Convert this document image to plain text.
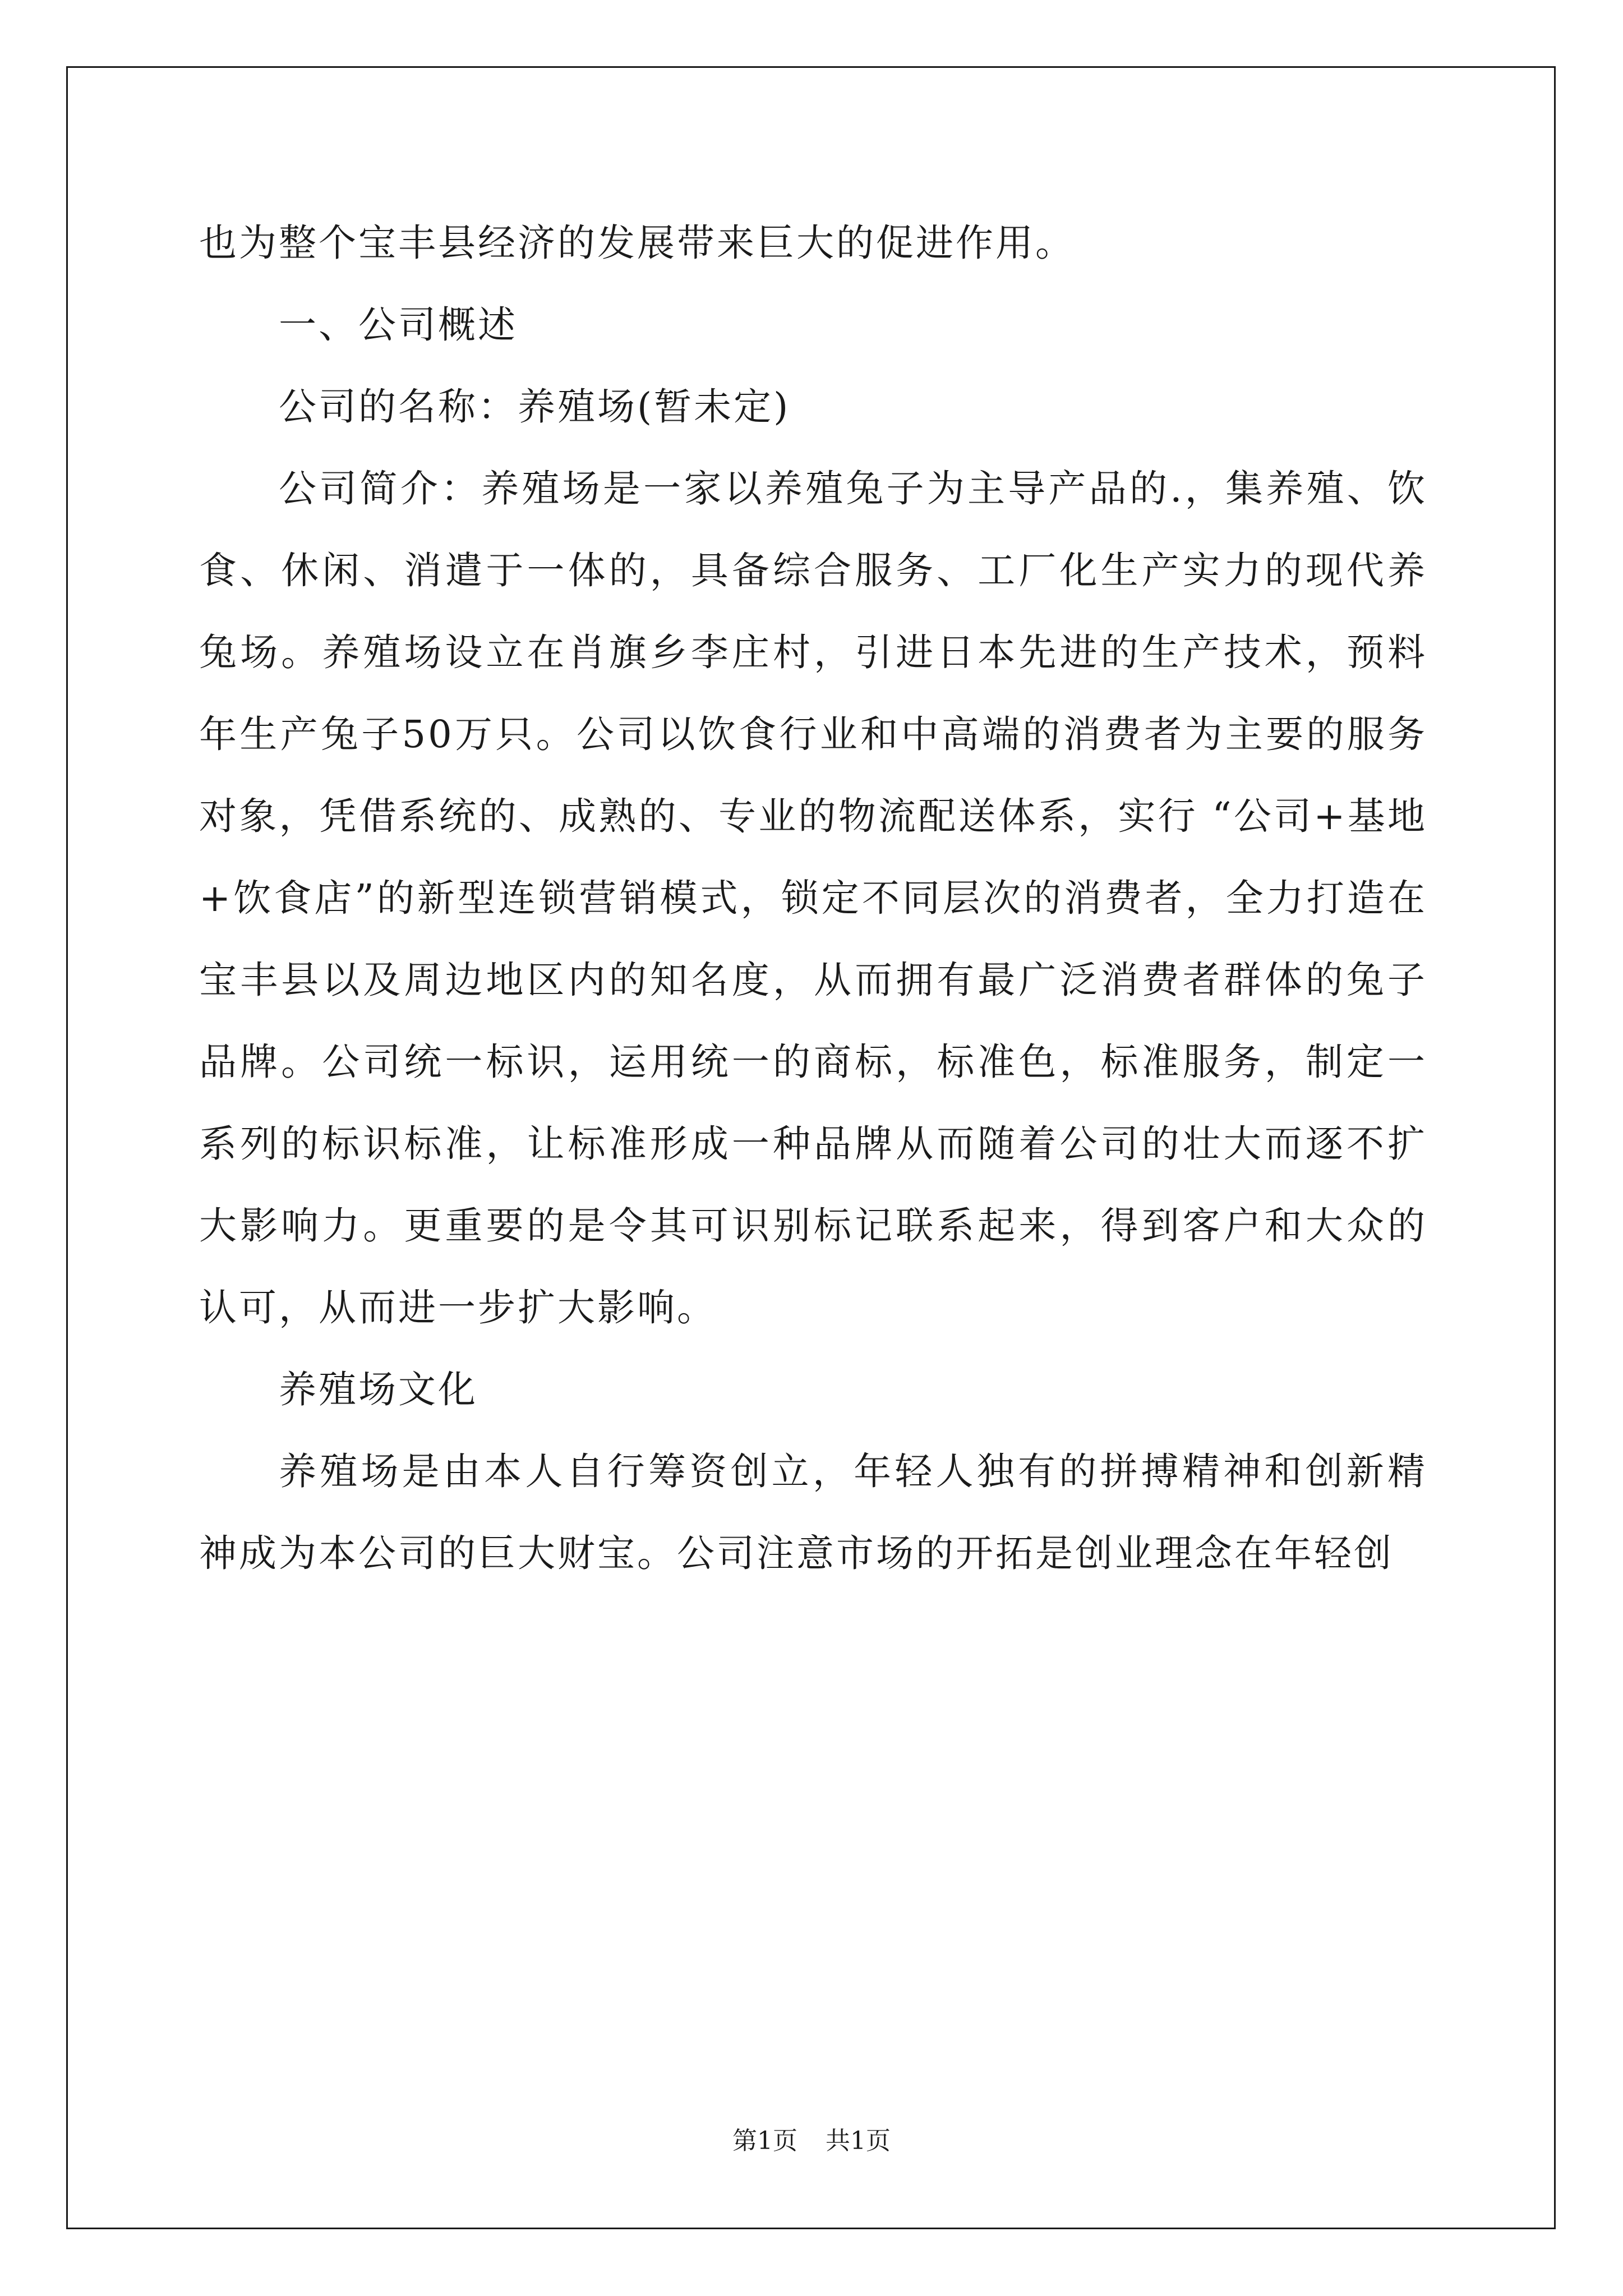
也为整个宝丰县经济的发展带来巨大的促进作用。

一、公司概述

公司的名称：养殖场(暂未定)

公司简介：养殖场是一家以养殖兔子为主导产品的.，集养殖、饮食、休闲、消遣于一体的，具备综合服务、工厂化生产实力的现代养兔场。养殖场设立在肖旗乡李庄村，引进日本先进的生产技术，预料年生产兔子50万只。公司以饮食行业和中高端的消费者为主要的服务对象，凭借系统的、成熟的、专业的物流配送体系，实行 “公司+基地+饮食店”的新型连锁营销模式，锁定不同层次的消费者，全力打造在宝丰县以及周边地区内的知名度，从而拥有最广泛消费者群体的兔子品牌。公司统一标识，运用统一的商标，标准色，标准服务，制定一系列的标识标准，让标准形成一种品牌从而随着公司的壮大而逐不扩大影响力。更重要的是令其可识别标记联系起来，得到客户和大众的认可，从而进一步扩大影响。

养殖场文化

养殖场是由本人自行筹资创立，年轻人独有的拼搏精神和创新精神成为本公司的巨大财宝。公司注意市场的开拓是创业理念在年轻创

第1页 共1页
